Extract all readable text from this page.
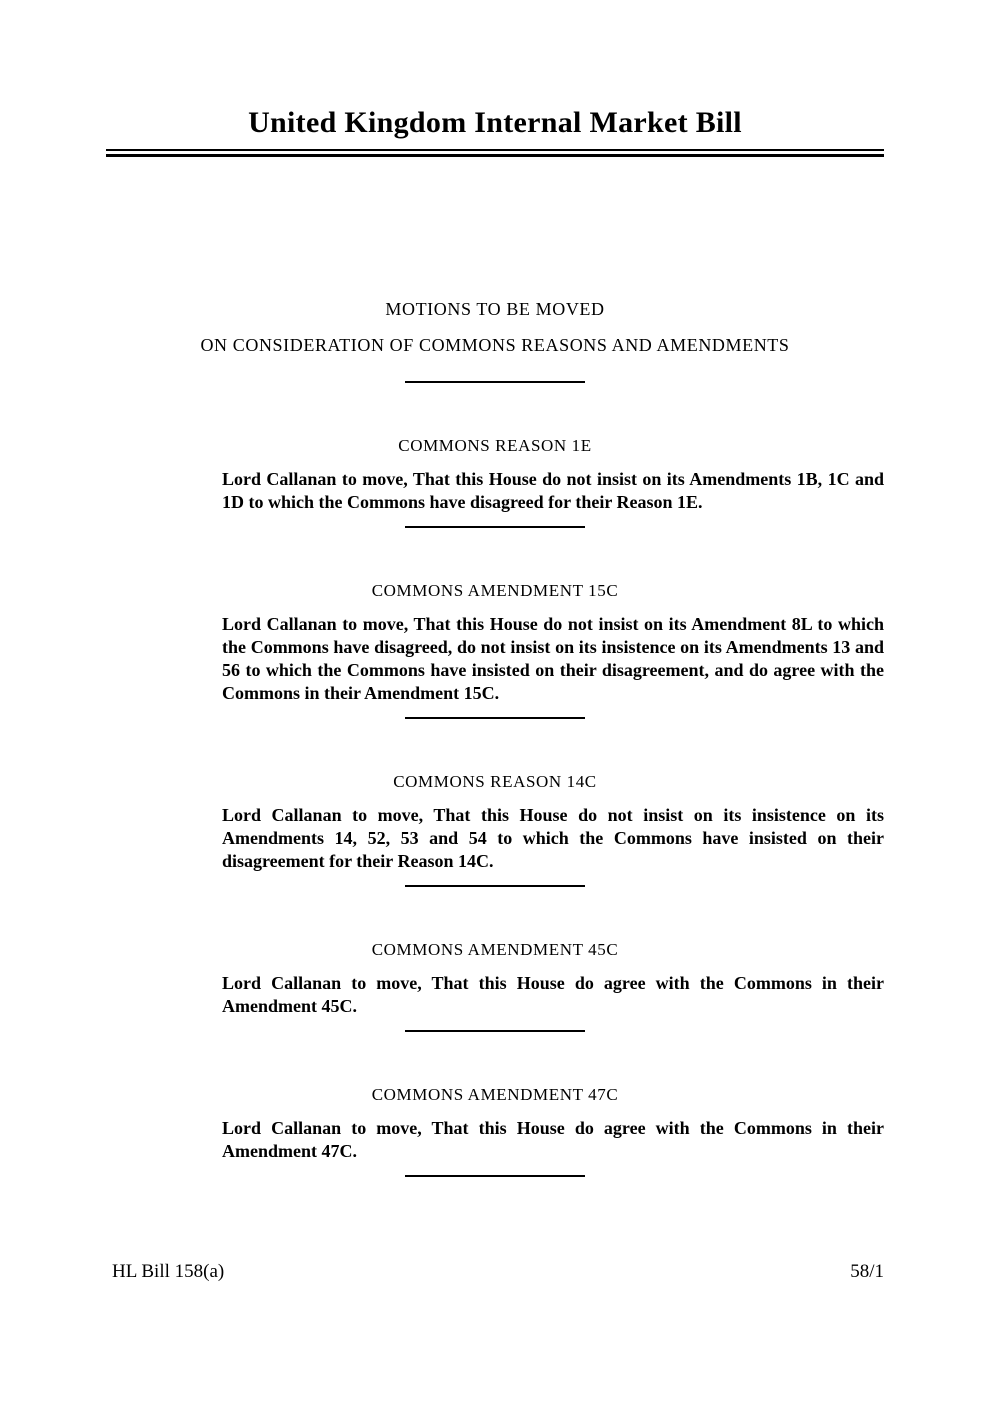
United Kingdom Internal Market Bill
MOTIONS TO BE MOVED
ON CONSIDERATION OF COMMONS REASONS AND AMENDMENTS
COMMONS REASON 1E

Lord Callanan to move, That this House do not insist on its Amendments 1B, 1C and 1D to which the Commons have disagreed for their Reason 1E.

COMMONS AMENDMENT 15C

Lord Callanan to move, That this House do not insist on its Amendment 8L to which the Commons have disagreed, do not insist on its insistence on its Amendments 13 and 56 to which the Commons have insisted on their disagreement, and do agree with the Commons in their Amendment 15C.

COMMONS REASON 14C

Lord Callanan to move, That this House do not insist on its insistence on its Amendments 14, 52, 53 and 54 to which the Commons have insisted on their disagreement for their Reason 14C.

COMMONS AMENDMENT 45C

Lord Callanan to move, That this House do agree with the Commons in their Amendment 45C.

COMMONS AMENDMENT 47C

Lord Callanan to move, That this House do agree with the Commons in their Amendment 47C.

HL Bill 158(a)	58/1
